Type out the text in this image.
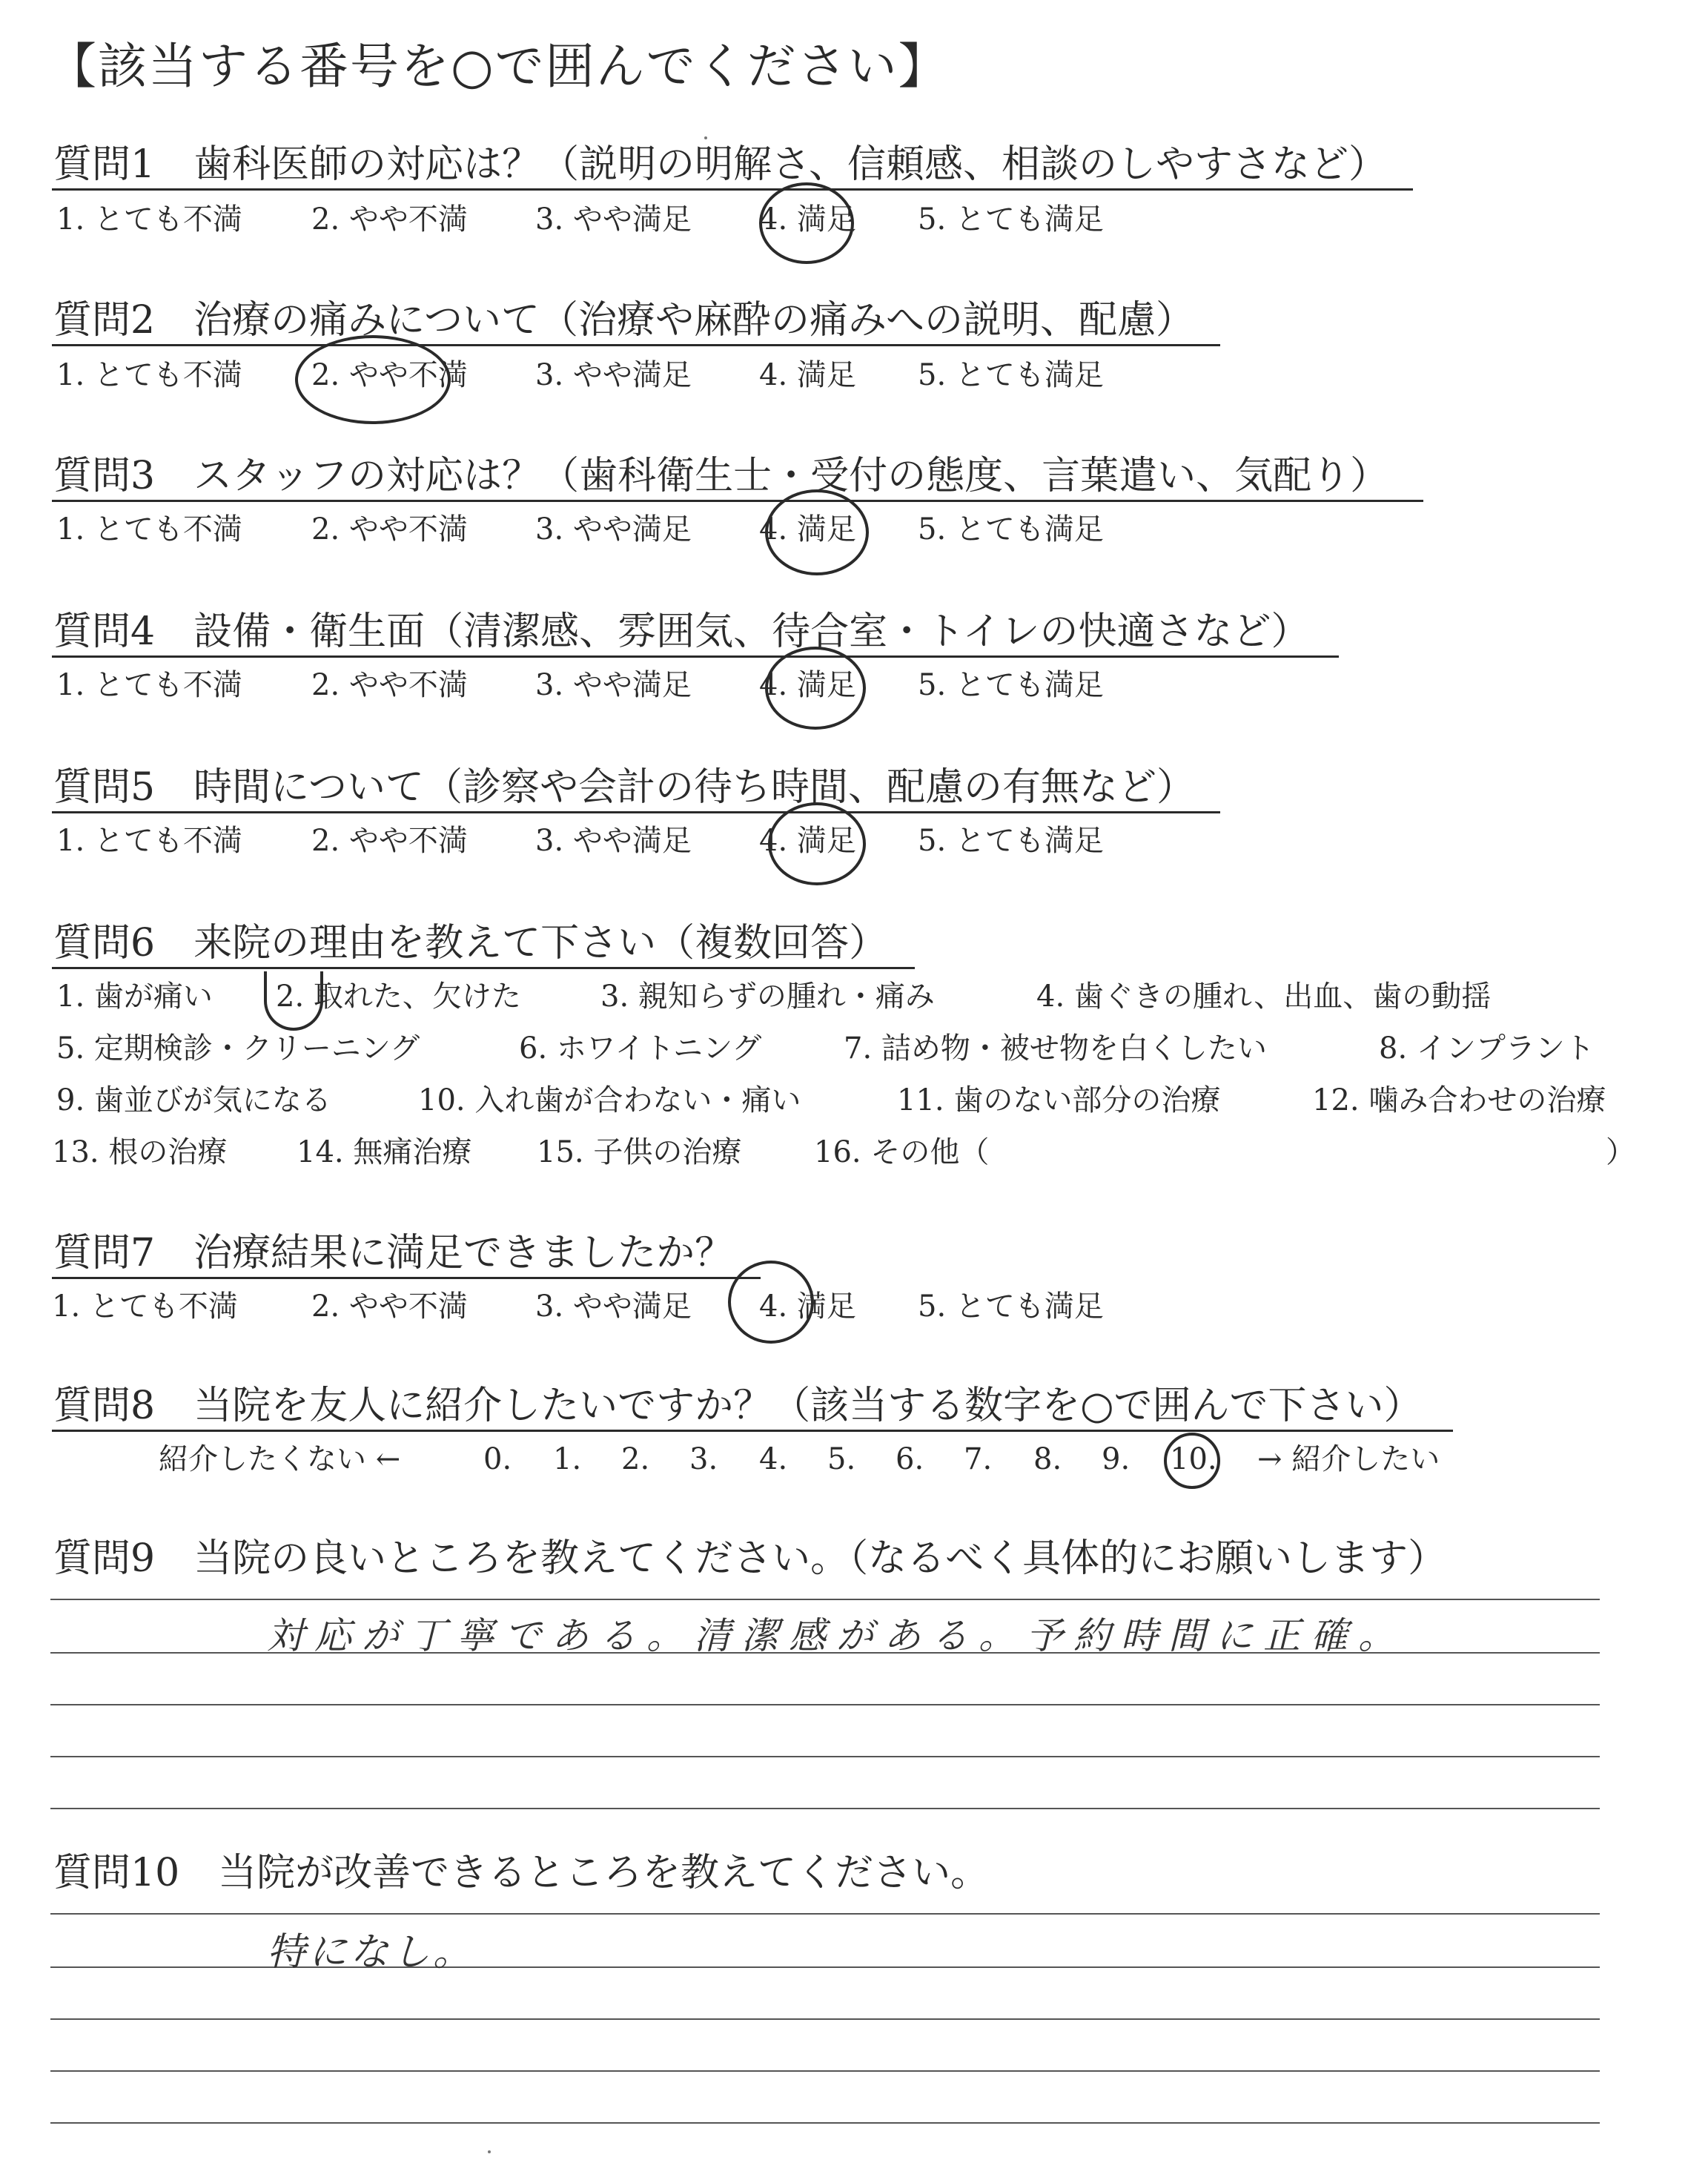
【該当する番号を○で囲んでください】
質問1　歯科医師の対応は？（説明の明解さ、信頼感、相談のしやすさなど）
1. とても不満 2. やや不満 3. やや満足 4. 満足 5. とても満足
質問2　治療の痛みについて（治療や麻酔の痛みへの説明、配慮）
1. とても不満 2. やや不満 3. やや満足 4. 満足 5. とても満足
質問3　スタッフの対応は？（歯科衛生士・受付の態度、言葉遣い、気配り）
1. とても不満 2. やや不満 3. やや満足 4. 満足 5. とても満足
質問4　設備・衛生面（清潔感、雰囲気、待合室・トイレの快適さなど）
1. とても不満 2. やや不満 3. やや満足 4. 満足 5. とても満足
質問5　時間について（診察や会計の待ち時間、配慮の有無など）
1. とても不満 2. やや不満 3. やや満足 4. 満足 5. とても満足
質問6　来院の理由を教えて下さい（複数回答）
1. 歯が痛い 2. 取れた、欠けた	3. 親知らずの腫れ・痛み	4. 歯ぐきの腫れ、出血、歯の動揺
5. 定期検診・クリーニング	6. ホワイトニング	7. 詰め物・被せ物を白くしたい	8. インプラント
9. 歯並びが気になる	10. 入れ歯が合わない・痛い	11. 歯のない部分の治療	12. 噛み合わせの治療
13. 根の治療 14. 無痛治療 15. 子供の治療 16. その他（	）
質問7　治療結果に満足できましたか？
1. とても不満 2. やや不満 3. やや満足 4. 満足 5. とても満足
質問8　当院を友人に紹介したいですか？（該当する数字を○で囲んで下さい）
紹介したくない ←	0. 1. 2. 3. 4. 5. 6. 7. 8. 9. 10. → 紹介したい
質問9　当院の良いところを教えてください。（なるべく具体的にお願いします）
対応が丁寧である。清潔感がある。予約時間に正確。
質問10　当院が改善できるところを教えてください。
特になし。
